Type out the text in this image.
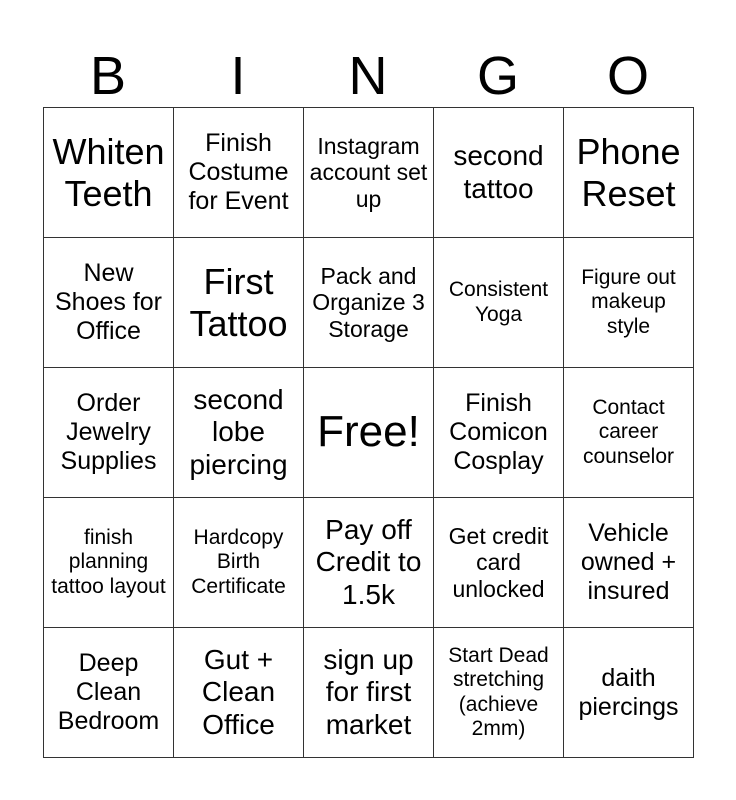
B	I	N	G	O
Whiten Teeth	Finish Costume for Event	Instagram account set up	second tattoo	Phone Reset
New Shoes for Office	First Tattoo	Pack and Organize 3 Storage	Consistent Yoga	Figure out makeup style
Order Jewelry Supplies	second lobe piercing	Free!	Finish Comicon Cosplay	Contact career counselor
finish planning tattoo layout	Hardcopy Birth Certificate	Pay off Credit to 1.5k	Get credit card unlocked	Vehicle owned + insured
Deep Clean Bedroom	Gut + Clean Office	sign up for first market	Start Dead stretching (achieve 2mm)	daith piercings
